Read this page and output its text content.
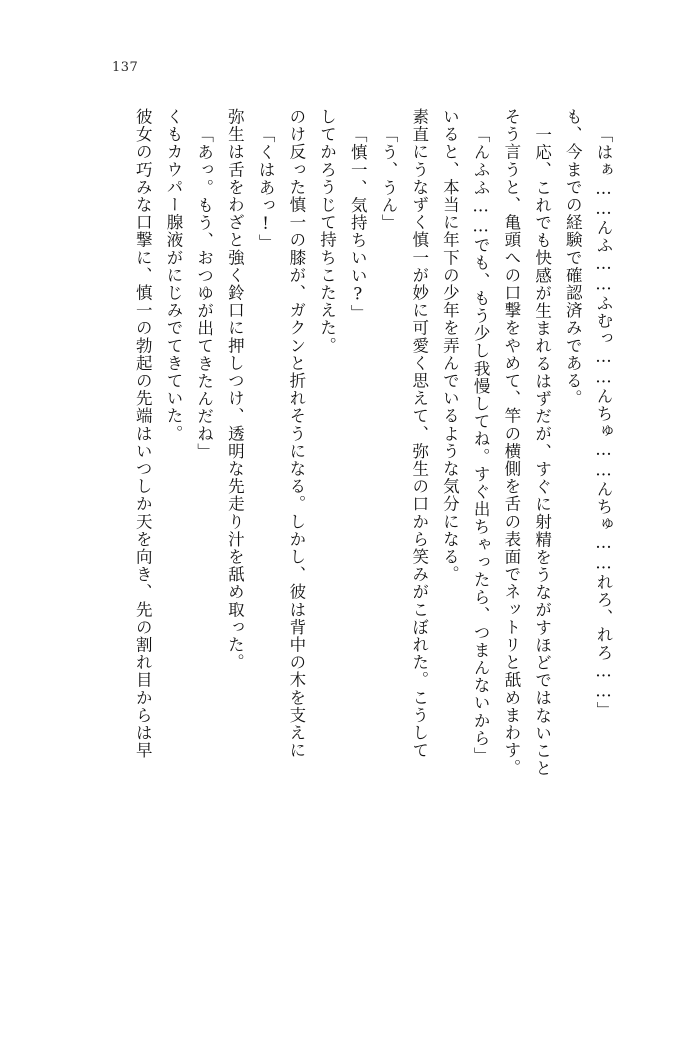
137
彼女の巧みな口撃に、慎一の勃起の先端はいつしか天を向き、先の割れ目からは早 くもカウパー腺液がにじみでてきていた。 「あっ。もう、おつゆが出てきたんだね」 弥生は舌をわざと強く鈴口に押しつけ、透明な先走り汁を舐め取った。 「くはあっ!」 のけ反った慎一の膝が、ガクンと折れそうになる。しかし、彼は背中の木を支えに してかろうじて持ちこたえた。 「慎一、気持ちいい?」 「う、うん」 素直にうなずく慎一が妙に可愛く思えて、弥生の口から笑みがこぼれた。こうして いると、本当に年下の少年を弄んでいるような気分になる。 「んふふ……でも、もう少し我慢してね。すぐ出ちゃったら、つまんないから」 そう言うと、亀頭への口撃をやめて、竿の横側を舌の表面でネットリと舐めまわす。 一応、これでも快感が生まれるはずだが、すぐに射精をうながすほどではないこと も、今までの経験で確認済みである。 「はぁ……んふ……ふむっ……んちゅ……んちゅ……れろ、れろ……」
